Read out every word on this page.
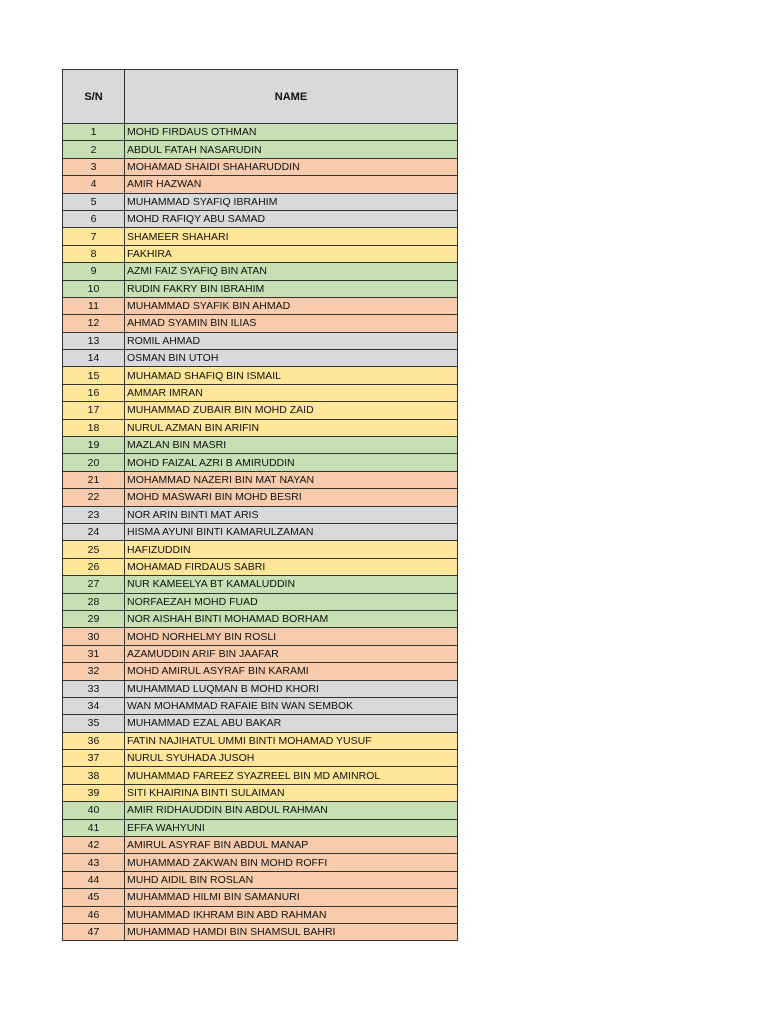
S/N	NAME
1	MOHD FIRDAUS OTHMAN
2	ABDUL FATAH NASARUDIN
3	MOHAMAD SHAIDI SHAHARUDDIN
4	AMIR HAZWAN
5	MUHAMMAD SYAFIQ IBRAHIM
6	MOHD RAFIQY ABU SAMAD
7	SHAMEER SHAHARI
8	FAKHIRA
9	AZMI FAIZ SYAFIQ BIN ATAN
10	RUDIN FAKRY BIN IBRAHIM
11	MUHAMMAD SYAFIK BIN AHMAD
12	AHMAD SYAMIN BIN ILIAS
13	ROMIL AHMAD
14	OSMAN BIN UTOH
15	MUHAMAD SHAFIQ BIN ISMAIL
16	AMMAR IMRAN
17	MUHAMMAD ZUBAIR BIN MOHD ZAID
18	NURUL AZMAN BIN ARIFIN
19	MAZLAN BIN MASRI
20	MOHD FAIZAL AZRI B AMIRUDDIN
21	MOHAMMAD NAZERI BIN MAT NAYAN
22	MOHD MASWARI BIN MOHD BESRI
23	NOR ARIN BINTI MAT ARIS
24	HISMA AYUNI BINTI KAMARULZAMAN
25	HAFIZUDDIN
26	MOHAMAD FIRDAUS SABRI
27	NUR KAMEELYA BT KAMALUDDIN
28	NORFAEZAH MOHD FUAD
29	NOR AISHAH BINTI MOHAMAD BORHAM
30	MOHD NORHELMY BIN ROSLI
31	AZAMUDDIN ARIF BIN JAAFAR
32	MOHD AMIRUL ASYRAF BIN KARAMI
33	MUHAMMAD LUQMAN B MOHD KHORI
34	WAN MOHAMMAD RAFAIE BIN WAN SEMBOK
35	MUHAMMAD EZAL ABU BAKAR
36	FATIN NAJIHATUL UMMI BINTI MOHAMAD YUSUF
37	NURUL SYUHADA JUSOH
38	MUHAMMAD FAREEZ SYAZREEL BIN MD AMINROL
39	SITI KHAIRINA BINTI SULAIMAN
40	AMIR RIDHAUDDIN BIN ABDUL RAHMAN
41	EFFA WAHYUNI
42	AMIRUL ASYRAF BIN ABDUL MANAP
43	MUHAMMAD ZAKWAN BIN MOHD ROFFI
44	MUHD AIDIL BIN ROSLAN
45	MUHAMMAD HILMI BIN SAMANURI
46	MUHAMMAD IKHRAM BIN ABD RAHMAN
47	MUHAMMAD HAMDI BIN SHAMSUL BAHRI
